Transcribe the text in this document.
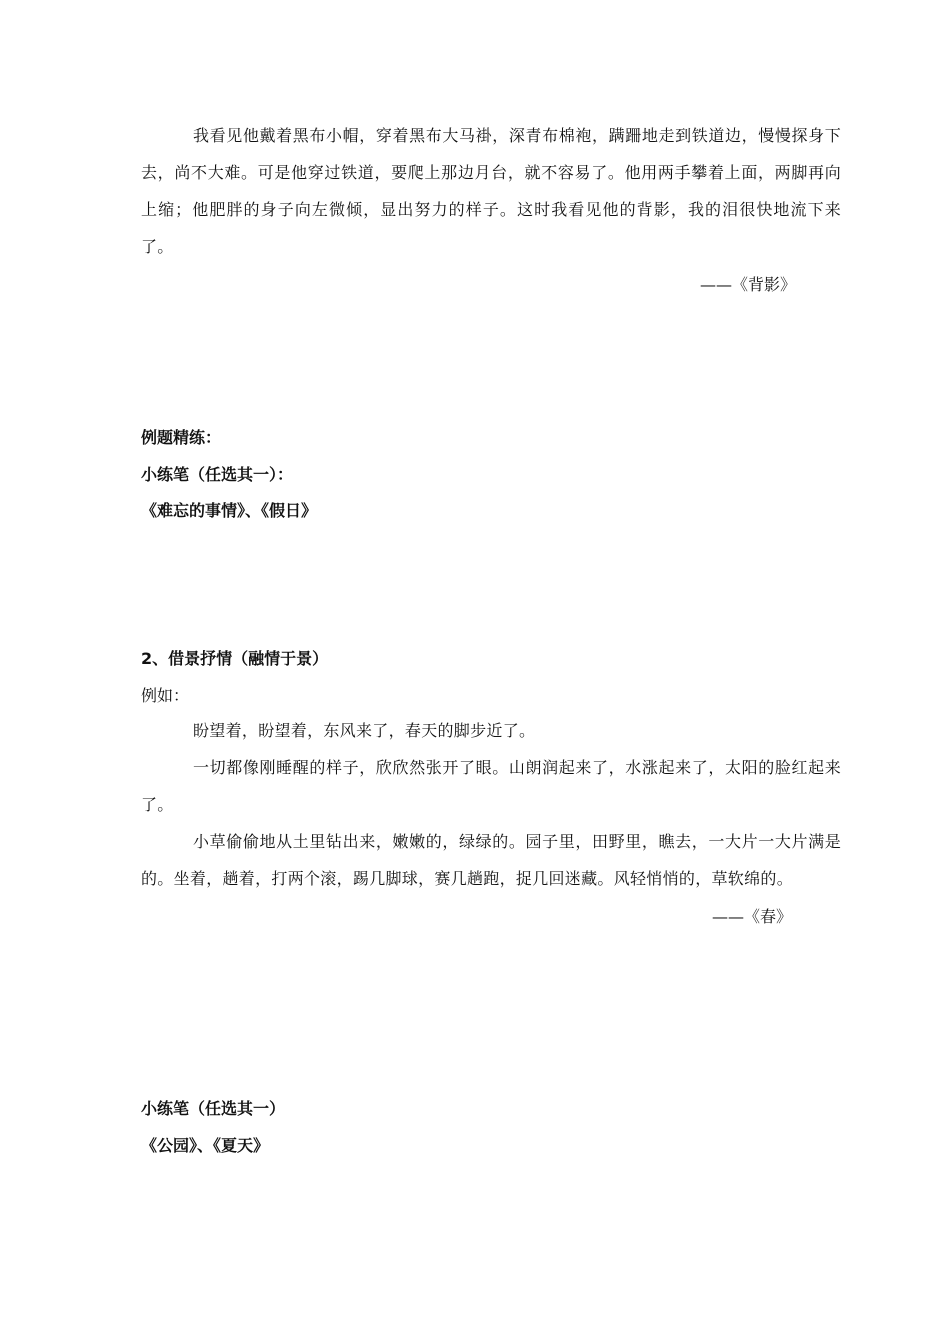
我看见他戴着黑布小帽，穿着黑布大马褂，深青布棉袍，蹒跚地走到铁道边，慢慢探身下去，尚不大难。可是他穿过铁道，要爬上那边月台，就不容易了。他用两手攀着上面，两脚再向上缩；他肥胖的身子向左微倾，显出努力的样子。这时我看见他的背影，我的泪很快地流下来了。

——《背影》

例题精练：

小练笔（任选其一）：

《难忘的事情》、《假日》

2、借景抒情（融情于景）

例如：

盼望着，盼望着，东风来了，春天的脚步近了。

一切都像刚睡醒的样子，欣欣然张开了眼。山朗润起来了，水涨起来了，太阳的脸红起来了。

小草偷偷地从土里钻出来，嫩嫩的，绿绿的。园子里，田野里，瞧去，一大片一大片满是的。坐着，趟着，打两个滚，踢几脚球，赛几趟跑，捉几回迷藏。风轻悄悄的，草软绵的。

——《春》

小练笔（任选其一）

《公园》、《夏天》
